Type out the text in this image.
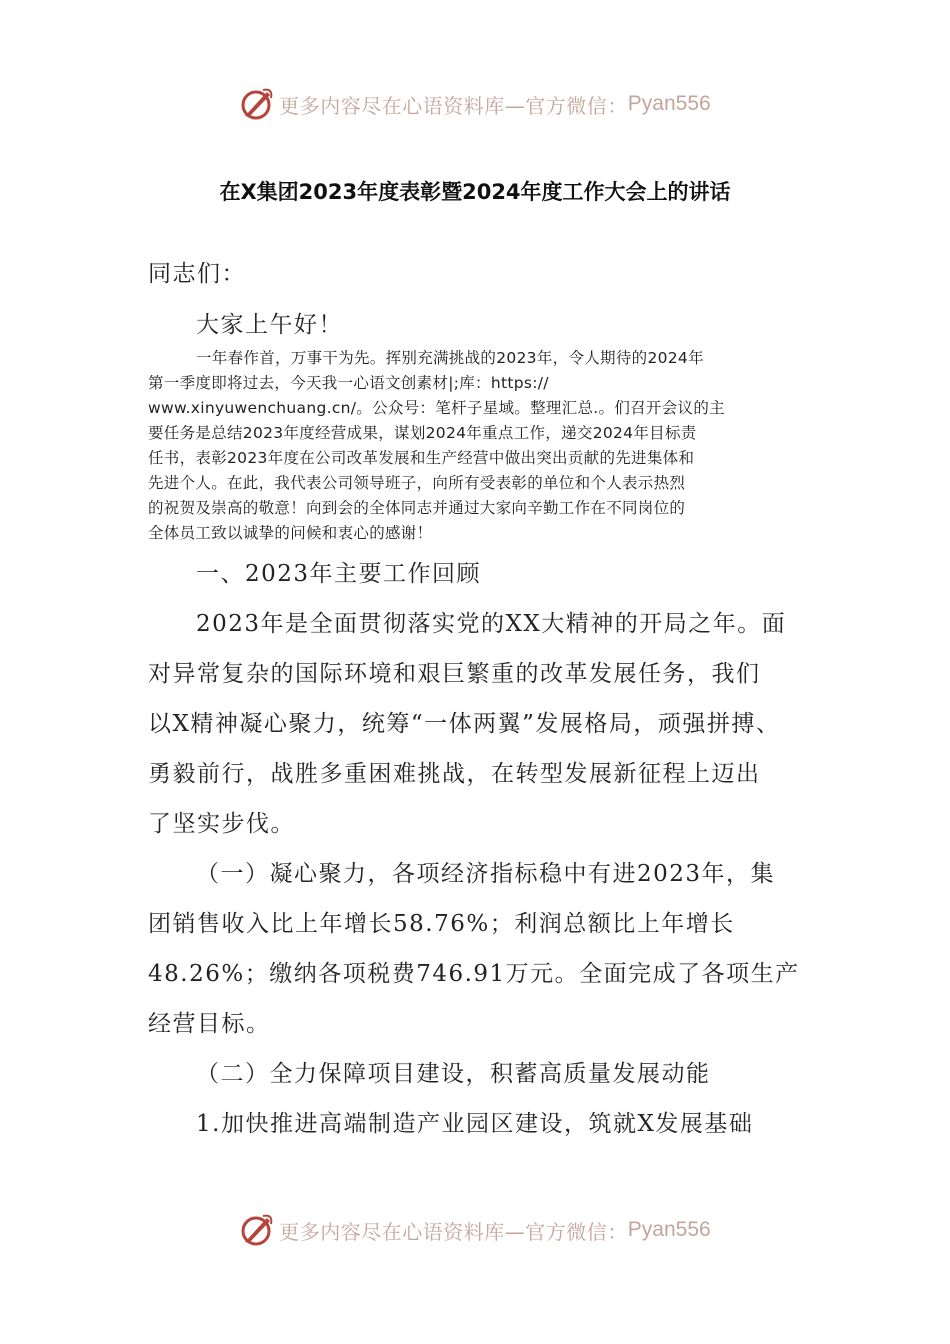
更多内容尽在心语资料库—官方微信： Pyan556
在X集团2023年度表彰暨2024年度工作大会上的讲话
同志们：
大家上午好！
一年春作首，万事干为先。挥别充满挑战的2023年，令人期待的2024年
第一季度即将过去，今天我一心语文创素材|;库：https://
www.xinyuwenchuang.cn/。公众号：笔杆子星域。整理汇总.。们召开会议的主
要任务是总结2023年度经营成果，谋划2024年重点工作，递交2024年目标责
任书，表彰2023年度在公司改革发展和生产经营中做出突出贡献的先进集体和
先进个人。在此，我代表公司领导班子，向所有受表彰的单位和个人表示热烈
的祝贺及崇高的敬意！向到会的全体同志并通过大家向辛勤工作在不同岗位的
全体员工致以诚挚的问候和衷心的感谢！
一、2023年主要工作回顾
2023年是全面贯彻落实党的XX大精神的开局之年。面
对异常复杂的国际环境和艰巨繁重的改革发展任务，我们
以X精神凝心聚力，统筹“一体两翼”发展格局，顽强拼搏、
勇毅前行，战胜多重困难挑战，在转型发展新征程上迈出
了坚实步伐。
（一）凝心聚力，各项经济指标稳中有进2023年，集
团销售收入比上年增长58.76%；利润总额比上年增长
48.26%；缴纳各项税费746.91万元。全面完成了各项生产
经营目标。
（二）全力保障项目建设，积蓄高质量发展动能
1.加快推进高端制造产业园区建设，筑就X发展基础
更多内容尽在心语资料库—官方微信： Pyan556
